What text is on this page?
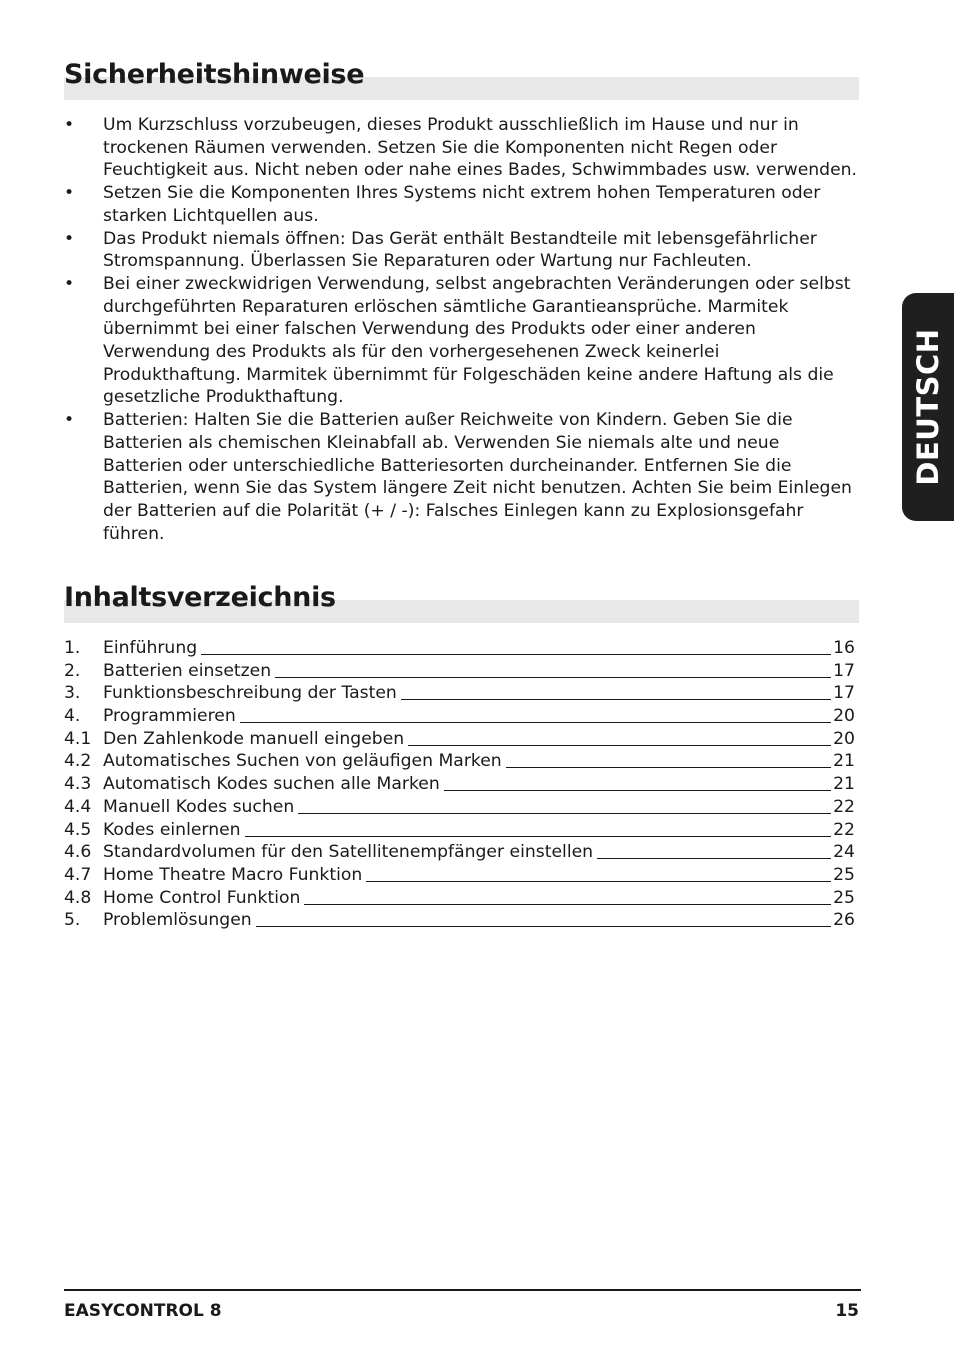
Sicherheitshinweise
•	Um Kurzschluss vorzubeugen, dieses Produkt ausschließlich im Hause und nur in trockenen Räumen verwenden. Setzen Sie die Komponenten nicht Regen oder Feuchtigkeit aus. Nicht neben oder nahe eines Bades, Schwimmbades usw. verwenden.
•	Setzen Sie die Komponenten Ihres Systems nicht extrem hohen Temperaturen oder starken Lichtquellen aus.
•	Das Produkt niemals öffnen: Das Gerät enthält Bestandteile mit lebensgefährlicher Stromspannung. Überlassen Sie Reparaturen oder Wartung nur Fachleuten.
•	Bei einer zweckwidrigen Verwendung, selbst angebrachten Veränderungen oder selbst durchgeführten Reparaturen erlöschen sämtliche Garantieansprüche. Marmitek übernimmt bei einer falschen Verwendung des Produkts oder einer anderen Verwendung des Produkts als für den vorhergesehenen Zweck keinerlei Produkthaftung. Marmitek übernimmt für Folgeschäden keine andere Haftung als die gesetzliche Produkthaftung.
•	Batterien: Halten Sie die Batterien außer Reichweite von Kindern. Geben Sie die Batterien als chemischen Kleinabfall ab. Verwenden Sie niemals alte und neue Batterien oder unterschiedliche Batteriesorten durcheinander. Entfernen Sie die Batterien, wenn Sie das System längere Zeit nicht benutzen. Achten Sie beim Einlegen der Batterien auf die Polarität (+ / -): Falsches Einlegen kann zu Explosionsgefahr führen.
Inhaltsverzeichnis
1.	Einführung	16
2.	Batterien einsetzen	17
3.	Funktionsbeschreibung der Tasten	17
4.	Programmieren	20
4.1 Den Zahlenkode manuell eingeben	20
4.2 Automatisches Suchen von geläufigen Marken	21
4.3 Automatisch Kodes suchen alle Marken	21
4.4 Manuell Kodes suchen	22
4.5 Kodes einlernen	22
4.6 Standardvolumen für den Satellitenempfänger einstellen	24
4.7 Home Theatre Macro Funktion	25
4.8 Home Control Funktion	25
5.	Problemlösungen	26
DEUTSCH
EASYCONTROL 8	15
